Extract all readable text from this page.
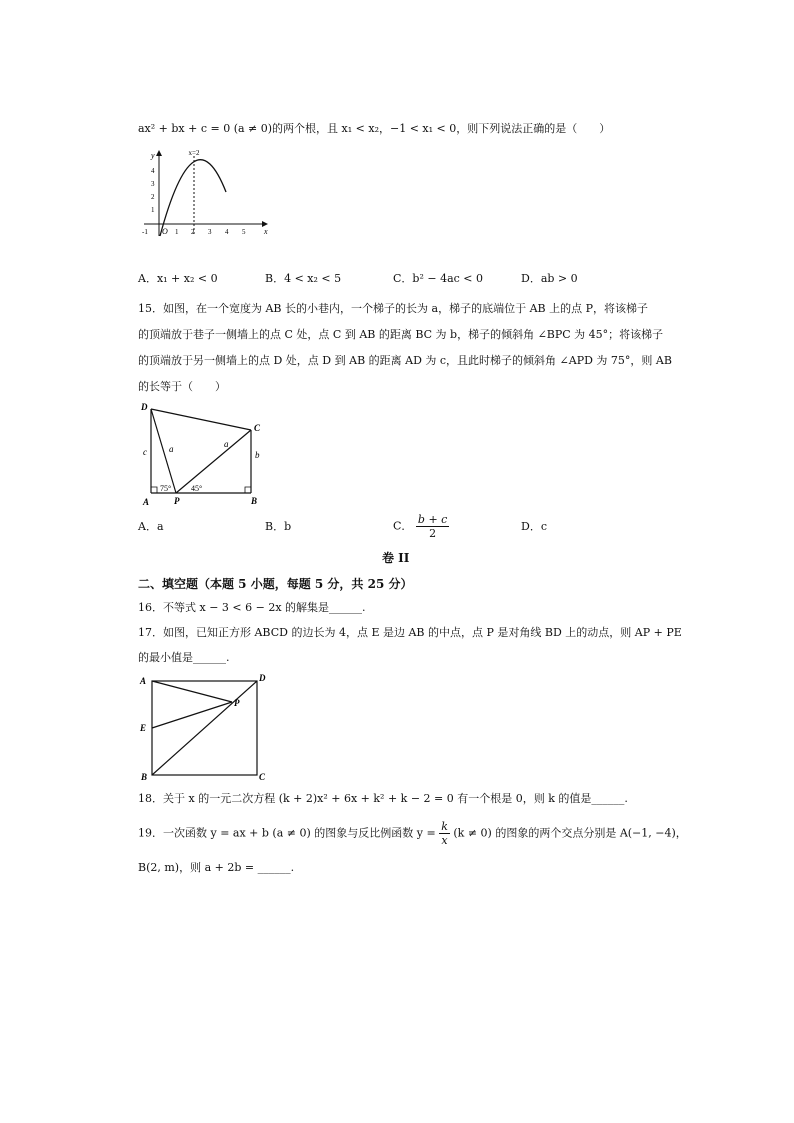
ax² + bx + c = 0 (a ≠ 0)的两个根，且 x₁ < x₂，−1 < x₁ < 0，则下列说法正确的是（　　）
x=2
y
x
O
4
3
2
1
-1	1 2 3 4 5
A．x₁ + x₂ < 0	B．4 < x₂ < 5	C．b² − 4ac < 0	D．ab > 0
15．如图，在一个宽度为 AB 长的小巷内，一个梯子的长为 a，梯子的底端位于 AB 上的点 P，将该梯子
的顶端放于巷子一侧墙上的点 C 处，点 C 到 AB 的距离 BC 为 b，梯子的倾斜角 ∠BPC 为 45°；将该梯子
的顶端放于另一侧墙上的点 D 处，点 D 到 AB 的距离 AD 为 c，且此时梯子的倾斜角 ∠APD 为 75°，则 AB
的长等于（　　）
D
C
A	B
P
a	a
b
c
75° 45°
A．a	B．b	C． $\frac{b + c}{2}$	D．c
卷 II
二、填空题（本题 5 小题，每题 5 分，共 25 分）
16．不等式 x − 3 < 6 − 2x 的解集是______.
17．如图，已知正方形 ABCD 的边长为 4，点 E 是边 AB 的中点，点 P 是对角线 BD 上的动点，则 AP + PE
的最小值是______.
A	D
E
P
B	C
18．关于 x 的一元二次方程 (k + 2)x² + 6x + k² + k − 2 = 0 有一个根是 0，则 k 的值是______.
19．一次函数 y = ax + b (a ≠ 0) 的图象与反比例函数 $y = \frac{k}{x} (k \ne 0)$ 的图象的两个交点分别是 A(−1, −4)，
B(2, m)，则 a + 2b = ______.
